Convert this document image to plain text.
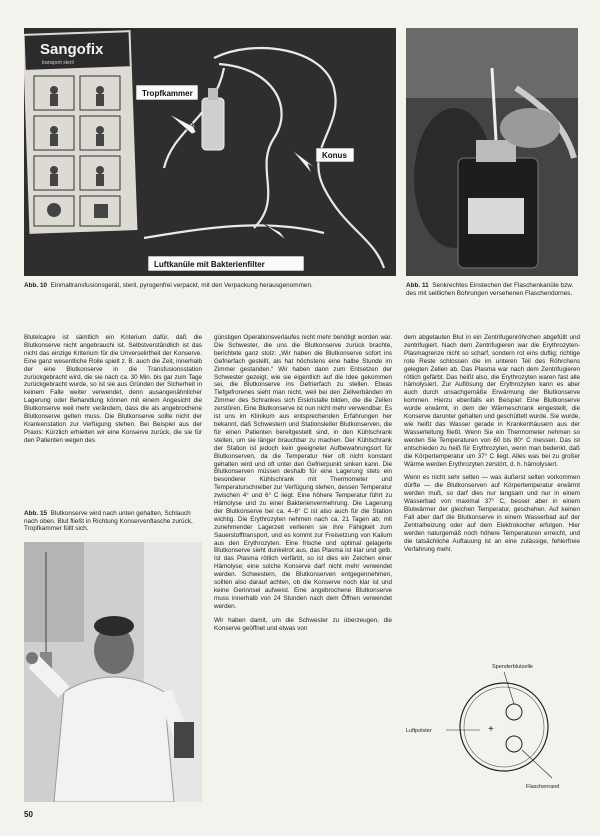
Sangofix
transport steril
Tropfkammer
Konus
Luftkanüle mit Bakterienfilter
Abb. 10 Einmaltransfusionsgerät, steril, pyrogenfrei verpackt, mit den Verpackung herausgenommen.	Abb. 11 Senkrechtes Einstechen der Flaschenkanüle bzw. des mit seitlichen Bohrungen versehenen Flaschendornes.

Blutelcapre ist sämtlich ein Kriterium dafür, daß die Blutkonserve nicht angebrauchi ist. Selbstverständlich ist das nicht das einzige Kriterium für die Unverselirtheit der Konserve. Eine ganz wesentliche Rolle spielt z. B. auch die Zeit, innerhalb der eine Blutkonserve in die Transfusionsstation zurückgebracht wird, die sie nach ca. 30 Min. bis gar zum Tage zurückgebracht wurde, so ist sie aus Gründen der Sicherheit in keinem Falle weiter verwendet, denn ausangenähnlicher Lagerung oder Behandlung können mit einem Angesicht die Blutkonserve weil mehr verändern, dass die als angebrochene Blutkonserve gelten muss. Die Blutkonserve sollte nicht der Krankenstation zur Verfügung stehen. Bei Beispiel aus der Praxis: Kürzlich erhielten wir eine Konserve zurück, die sie für den Patienten wegen des

Abb. 15 Blutkonserve wird nach unten gehalten, Schlauch nach oben. Blut fließt in Richtung Konservenflasche zurück, Tropfkammer füllt sich.

günstigen Operationsverlaufes nicht mehr benötigt worden war. Die Schwester, die uns die Blutkonserve zurück brachte, berichtete ganz stolz: „Wir haben die Blutkonserve sofort ins Gefrierfach gestellt, als hat höchstens eine halbe Stunde im Zimmer gestanden.“ Wir haben dann zum Entsetzen der Schwester gezeigt, wie sie eigentlich auf die Idee gekommen sei, die Blutkonserve ins Gefrierfach zu stellen. Etwas Tiefgefrorenes sieht man nicht, weil bei den Zellverbänden im Zimmer des Schrankes sich Eiskristalle bilden, die die Zellen zerstören. Eine Blutkonserve ist nun nicht mehr verwendbar. Es ist uns im Klinikum aus entsprechenden Erfahrungen her bekannt, daß Schwestern und Stationsleiter Blutkonserven, die für einen Patienten bereitgestellt sind, in den Kühlschrank stellen, um sie länger brauchbar zu machen. Der Kühlschrank der Station ist jedoch kein geeigneter Aufbewahrungsort für Blutkonserven, da die Temperatur hier oft nicht konstant gehalten wird und oft unter den Gefrierpunkt sinken kann. Die Blutkonserven müssen deshalb für eine Lagerung stets ein besonderer Kühlschrank mit Thermometer und Temperaturschreiber zur Verfügung stehen, dessen Temperatur zwischen 4° und 6° C liegt. Eine höhere Temperatur führt zu Hämolyse und zu einer Bakterienvermehrung. Die Lagerung der Blutkonserve bei ca. 4–6° C ist also auch für die Station wichtig. Die Erythrozyten nehmen nach ca. 21 Tagen ab; mit zunehmender Lagerzeit verlieren sie ihre Fähigkeit zum Sauerstofftransport, und es kommt zur Freisetzung von Kalium aus den Erythrozyten. Eine frische und optimal gelagerte Blutkonserve sieht dunkelrot aus, das Plasma ist klar und gelb. Ist das Plasma rötlich verfärbt, so ist dies ein Zeichen einer Hämolyse; eine solche Konserve darf nicht mehr verwendet werden. Schwestern, die Blutkonserven entgegennehmen, sollten also darauf achten, ob die Konserve noch klar ist und keine Gerinnsel aufweist. Eine angebrochene Blutkonserve muss innerhalb von 24 Stunden nach dem Öffnen verwendet werden.

Wir haben damit, um die Schwester zu überzeugen, die Konserve geöffnet und etwas von

dem abgetauten Blut in ein Zentrifugenröhrchen abgefüllt und zentrifugiert. Nach dem Zentrifugieren war die Erythrozyten-Plasmagrenze nicht so scharf, sondern rot eins duftig; richtige rote Reste schlossen die im unteren Teil des Röhrchens gelegten Zellen ab. Das Plasma war nach dem Zentrifugieren rötlich gefärbt. Das heißt also, die Erythrozyten waren fast alle hämolysiert. Zur Auflösung der Erythrozyten kann es aber auch durch unsachgemäße Erwärmung der Blutkonserve kommen. Hierzu ebenfalls ein Beispiel: Eine Blutkonserve wurde erwärmt, in dem der Wärmeschrank eingestellt, die Konserve darunter gehalten und geschüttelt wurde. Sie wurde, wie heißt das Wasser gerade in Krankenhäusern aus der Wasserleitung fließt. Wenn Sie ein Thermometer nehmen so werden Sie Temperaturen von 60 bis 80° C messen. Das ist entschieden zu heiß für Erythrozyten, wenn man bedenkt, daß die Körpertemperatur um 37° C liegt. Alles was bei zu großer Wärme werden Erythrozyten zerstört, d. h. hämolysiert.

Wenn es nicht sehr selten — was äußerst selten vorkommen dürfte — die Blutkonserven auf Körpertemperatur erwärmt werden muß, so darf dies nur langsam und nur in einem Wasserbad von maximal 37° C, besser aber in einem Blutwärmer der gleichen Temperatur, geschehen. Auf keinen Fall aber darf die Blutkonserve in einem Wasserbad auf der Zentralheizung oder auf dem Elektrokocher erfolgen. Hier werden naturgemäß noch höhere Temperaturen erreicht, und die tatsächliche Auftauung ist an eine zulässige, fehlerfreie Verfahrung mehr.

+
Spenderblutzelle
Luftpolster
Flaschenrand
50
